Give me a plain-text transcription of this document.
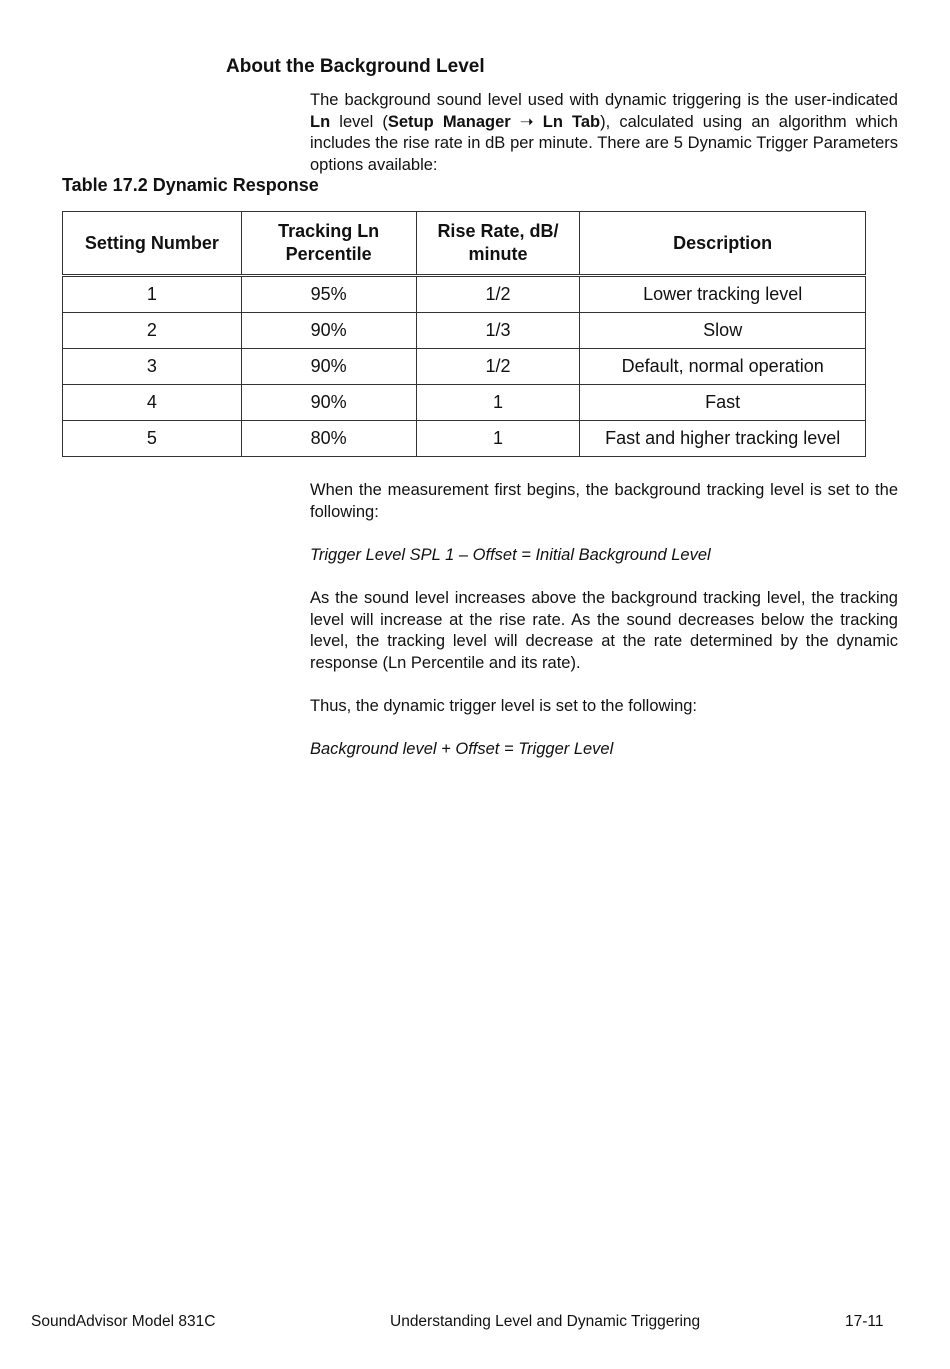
About the Background Level

The background sound level used with dynamic triggering is the user-indicated Ln level (Setup Manager ➝ Ln Tab), calculated using an algorithm which includes the rise rate in dB per minute. There are 5 Dynamic Trigger Parameters options available:

Table 17.2 Dynamic Response
Setting Number	Tracking Ln Percentile	Rise Rate, dB/ minute	Description
1	95%	1/2	Lower tracking level
2	90%	1/3	Slow
3	90%	1/2	Default, normal operation
4	90%	1	Fast
5	80%	1	Fast and higher tracking level

When the measurement first begins, the background tracking level is set to the following:

Trigger Level SPL 1 – Offset = Initial Background Level

As the sound level increases above the background tracking level, the tracking level will increase at the rise rate. As the sound decreases below the tracking level, the tracking level will decrease at the rate determined by the dynamic response (Ln Percentile and its rate).

Thus, the dynamic trigger level is set to the following:

Background level + Offset = Trigger Level

SoundAdvisor Model 831C	Understanding Level and Dynamic Triggering	17-11
